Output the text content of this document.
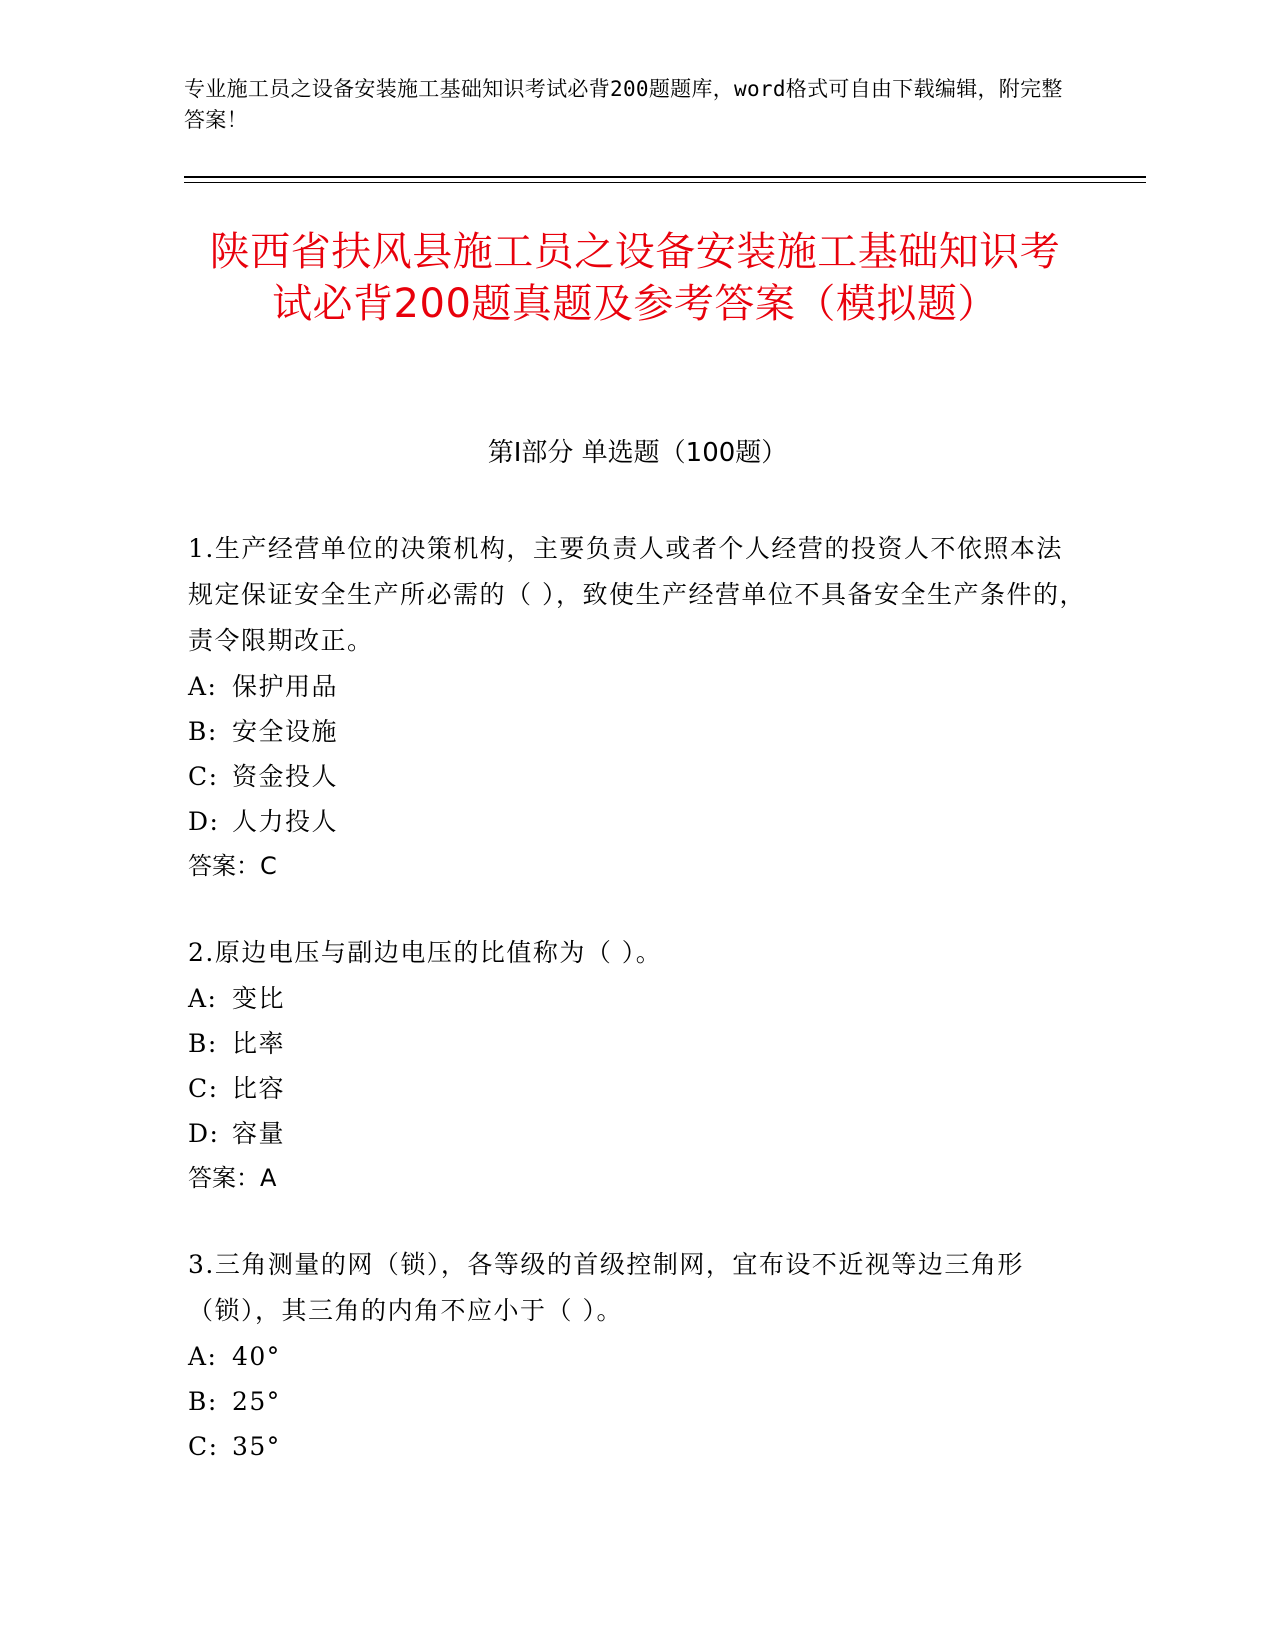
专业施工员之设备安装施工基础知识考试必背200题题库，word格式可自由下载编辑，附完整答案！
陕西省扶风县施工员之设备安装施工基础知识考试必背200题真题及参考答案（模拟题）
第I部分 单选题（100题）
1.生产经营单位的决策机构，主要负责人或者个人经营的投资人不依照本法规定保证安全生产所必需的（ ），致使生产经营单位不具备安全生产条件的，责令限期改正。
A: 保护用品
B: 安全设施
C: 资金投人
D: 人力投人
答案：C
2.原边电压与副边电压的比值称为（ ）。
A: 变比
B: 比率
C: 比容
D: 容量
答案：A
3.三角测量的网（锁），各等级的首级控制网，宜布设不近视等边三角形（锁），其三角的内角不应小于（ ）。
A: 40°
B: 25°
C: 35°
